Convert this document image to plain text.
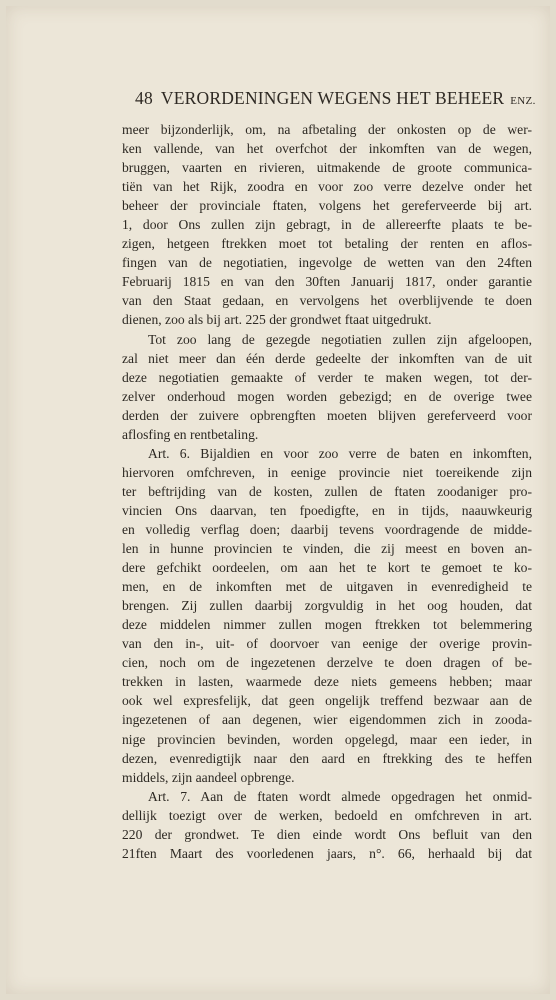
48 VERORDENINGEN WEGENS HET BEHEER ENZ.
meer bijzonderlijk, om, na afbetaling der onkosten op de wer-
ken vallende, van het overfchot der inkomften van de wegen,
bruggen, vaarten en rivieren, uitmakende de groote communica-
tiën van het Rijk, zoodra en voor zoo verre dezelve onder het
beheer der provinciale ftaten, volgens het gereferveerde bij art.
1, door Ons zullen zijn gebragt, in de allereerfte plaats te be-
zigen, hetgeen ftrekken moet tot betaling der renten en aflos-
fingen van de negotiatien, ingevolge de wetten van den 24ften
Februarij 1815 en van den 30ften Januarij 1817, onder garantie
van den Staat gedaan, en vervolgens het overblijvende te doen
dienen, zoo als bij art. 225 der grondwet ftaat uitgedrukt.
Tot zoo lang de gezegde negotiatien zullen zijn afgeloopen,
zal niet meer dan één derde gedeelte der inkomften van de uit
deze negotiatien gemaakte of verder te maken wegen, tot der-
zelver onderhoud mogen worden gebezigd; en de overige twee
derden der zuivere opbrengften moeten blijven gereferveerd voor
aflosfing en rentbetaling.
Art. 6. Bijaldien en voor zoo verre de baten en inkomften,
hiervoren omfchreven, in eenige provincie niet toereikende zijn
ter beftrijding van de kosten, zullen de ftaten zoodaniger pro-
vincien Ons daarvan, ten fpoedigfte, en in tijds, naauwkeurig
en volledig verflag doen; daarbij tevens voordragende de midde-
len in hunne provincien te vinden, die zij meest en boven an-
dere gefchikt oordeelen, om aan het te kort te gemoet te ko-
men, en de inkomften met de uitgaven in evenredigheid te
brengen. Zij zullen daarbij zorgvuldig in het oog houden, dat
deze middelen nimmer zullen mogen ftrekken tot belemmering
van den in-, uit- of doorvoer van eenige der overige provin-
cien, noch om de ingezetenen derzelve te doen dragen of be-
trekken in lasten, waarmede deze niets gemeens hebben; maar
ook wel expresfelijk, dat geen ongelijk treffend bezwaar aan de
ingezetenen of aan degenen, wier eigendommen zich in zooda-
nige provincien bevinden, worden opgelegd, maar een ieder, in
dezen, evenredigtijk naar den aard en ftrekking des te heffen
middels, zijn aandeel opbrenge.
Art. 7. Aan de ftaten wordt almede opgedragen het onmid-
dellijk toezigt over de werken, bedoeld en omfchreven in art.
220 der grondwet. Te dien einde wordt Ons befluit van den
21ften Maart des voorledenen jaars, n°. 66, herhaald bij dat
